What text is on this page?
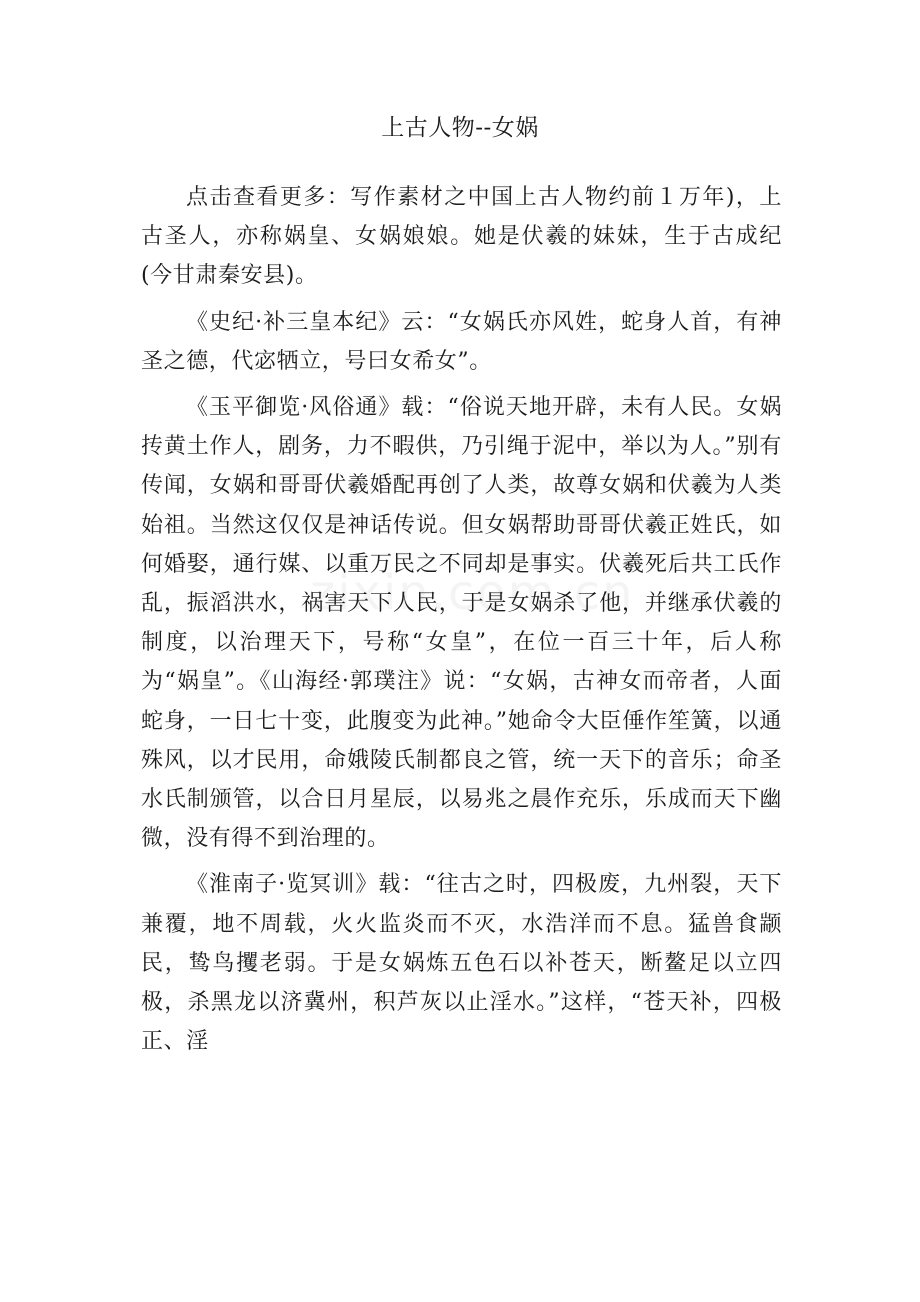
上古人物--女娲

点击查看更多：写作素材之中国上古人物约前１万年)，上古圣人，亦称娲皇、女娲娘娘。她是伏羲的妹妹，生于古成纪(今甘肃秦安县)。

《史纪·补三皇本纪》云：“女娲氏亦风姓，蛇身人首，有神圣之德，代宓牺立，号曰女希女”。

《玉平御览·风俗通》载：“俗说天地开辟，未有人民。女娲抟黄土作人，剧务，力不暇供，乃引绳于泥中，举以为人。”别有传闻，女娲和哥哥伏羲婚配再创了人类，故尊女娲和伏羲为人类始祖。当然这仅仅是神话传说。但女娲帮助哥哥伏羲正姓氏，如何婚娶，通行媒、以重万民之不同却是事实。伏羲死后共工氏作乱，振滔洪水，祸害天下人民，于是女娲杀了他，并继承伏羲的制度，以治理天下，号称“女皇”，在位一百三十年，后人称为“娲皇”。《山海经·郭璞注》说：“女娲，古神女而帝者，人面蛇身，一日七十变，此腹变为此神。”她命令大臣倕作笙簧，以通殊风，以才民用，命娥陵氏制都良之管，统一天下的音乐；命圣水氏制颁管，以合日月星辰，以易兆之晨作充乐，乐成而天下幽微，没有得不到治理的。

《淮南子·览冥训》载：“往古之时，四极废，九州裂，天下兼覆，地不周载，火火监炎而不灭，水浩洋而不息。猛兽食颛民，鸷鸟攫老弱。于是女娲炼五色石以补苍天，断鳌足以立四极，杀黑龙以济冀州，积芦灰以止淫水。”这样，“苍天补，四极正、淫
